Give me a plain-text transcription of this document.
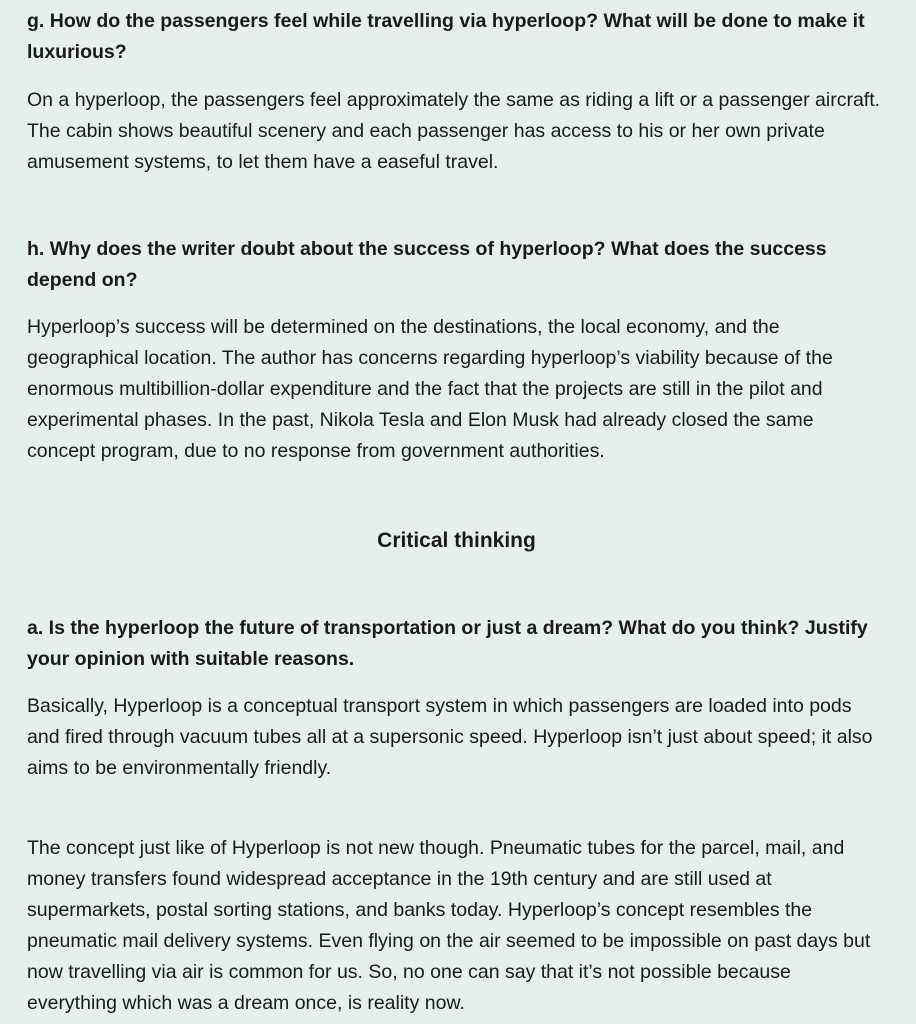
g. How do the passengers feel while travelling via hyperloop? What will be done to make it luxurious?

On a hyperloop, the passengers feel approximately the same as riding a lift or a passenger aircraft. The cabin shows beautiful scenery and each passenger has access to his or her own private amusement systems, to let them have a easeful travel.

h. Why does the writer doubt about the success of hyperloop? What does the success depend on?

Hyperloop’s success will be determined on the destinations, the local economy, and the geographical location. The author has concerns regarding hyperloop’s viability because of the enormous multibillion-dollar expenditure and the fact that the projects are still in the pilot and experimental phases. In the past, Nikola Tesla and Elon Musk had already closed the same concept program, due to no response from government authorities.

Critical thinking

a. Is the hyperloop the future of transportation or just a dream? What do you think? Justify your opinion with suitable reasons.

Basically, Hyperloop is a conceptual transport system in which passengers are loaded into pods and fired through vacuum tubes all at a supersonic speed. Hyperloop isn’t just about speed; it also aims to be environmentally friendly.

The concept just like of Hyperloop is not new though. Pneumatic tubes for the parcel, mail, and money transfers found widespread acceptance in the 19th century and are still used at supermarkets, postal sorting stations, and banks today. Hyperloop’s concept resembles the pneumatic mail delivery systems. Even flying on the air seemed to be impossible on past days but now travelling via air is common for us. So, no one can say that it’s not possible because everything which was a dream once, is reality now.
